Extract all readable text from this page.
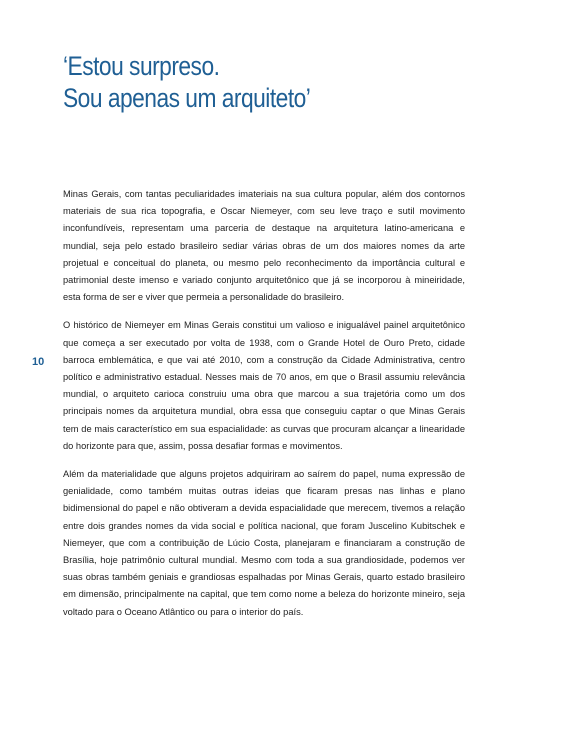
‘Estou surpreso.
Sou apenas um arquiteto’
10

Minas Gerais, com tantas peculiaridades imateriais na sua cultura popular, além dos contornos materiais de sua rica topografia, e Oscar Niemeyer, com seu leve traço e sutil movimento inconfundíveis, representam uma parceria de destaque na arquitetura latino-americana e mundial, seja pelo estado brasileiro sediar várias obras de um dos maiores nomes da arte projetual e conceitual do planeta, ou mesmo pelo reconhecimento da importância cultural e patrimonial deste imenso e variado conjunto arquitetônico que já se incorporou à mineiridade, esta forma de ser e viver que permeia a personalidade do brasileiro.

O histórico de Niemeyer em Minas Gerais constitui um valioso e inigualável painel arquitetônico que começa a ser executado por volta de 1938, com o Grande Hotel de Ouro Preto, cidade barroca emblemática, e que vai até 2010, com a construção da Cidade Administrativa, centro político e administrativo estadual. Nesses mais de 70 anos, em que o Brasil assumiu relevância mundial, o arquiteto carioca construiu uma obra que marcou a sua trajetória como um dos principais nomes da arquitetura mundial, obra essa que conseguiu captar o que Minas Gerais tem de mais característico em sua espacialidade: as curvas que procuram alcançar a linearidade do horizonte para que, assim, possa desafiar formas e movimentos.

Além da materialidade que alguns projetos adquiriram ao saírem do papel, numa expressão de genialidade, como também muitas outras ideias que ficaram presas nas linhas e plano bidimensional do papel e não obtiveram a devida espacialidade que merecem, tivemos a relação entre dois grandes nomes da vida social e política nacional, que foram Juscelino Kubitschek e Niemeyer, que com a contribuição de Lúcio Costa, planejaram e financiaram a construção de Brasília, hoje patrimônio cultural mundial. Mesmo com toda a sua grandiosidade, podemos ver suas obras também geniais e grandiosas espalhadas por Minas Gerais, quarto estado brasileiro em dimensão, principalmente na capital, que tem como nome a beleza do horizonte mineiro, seja voltado para o Oceano Atlântico ou para o interior do país.
